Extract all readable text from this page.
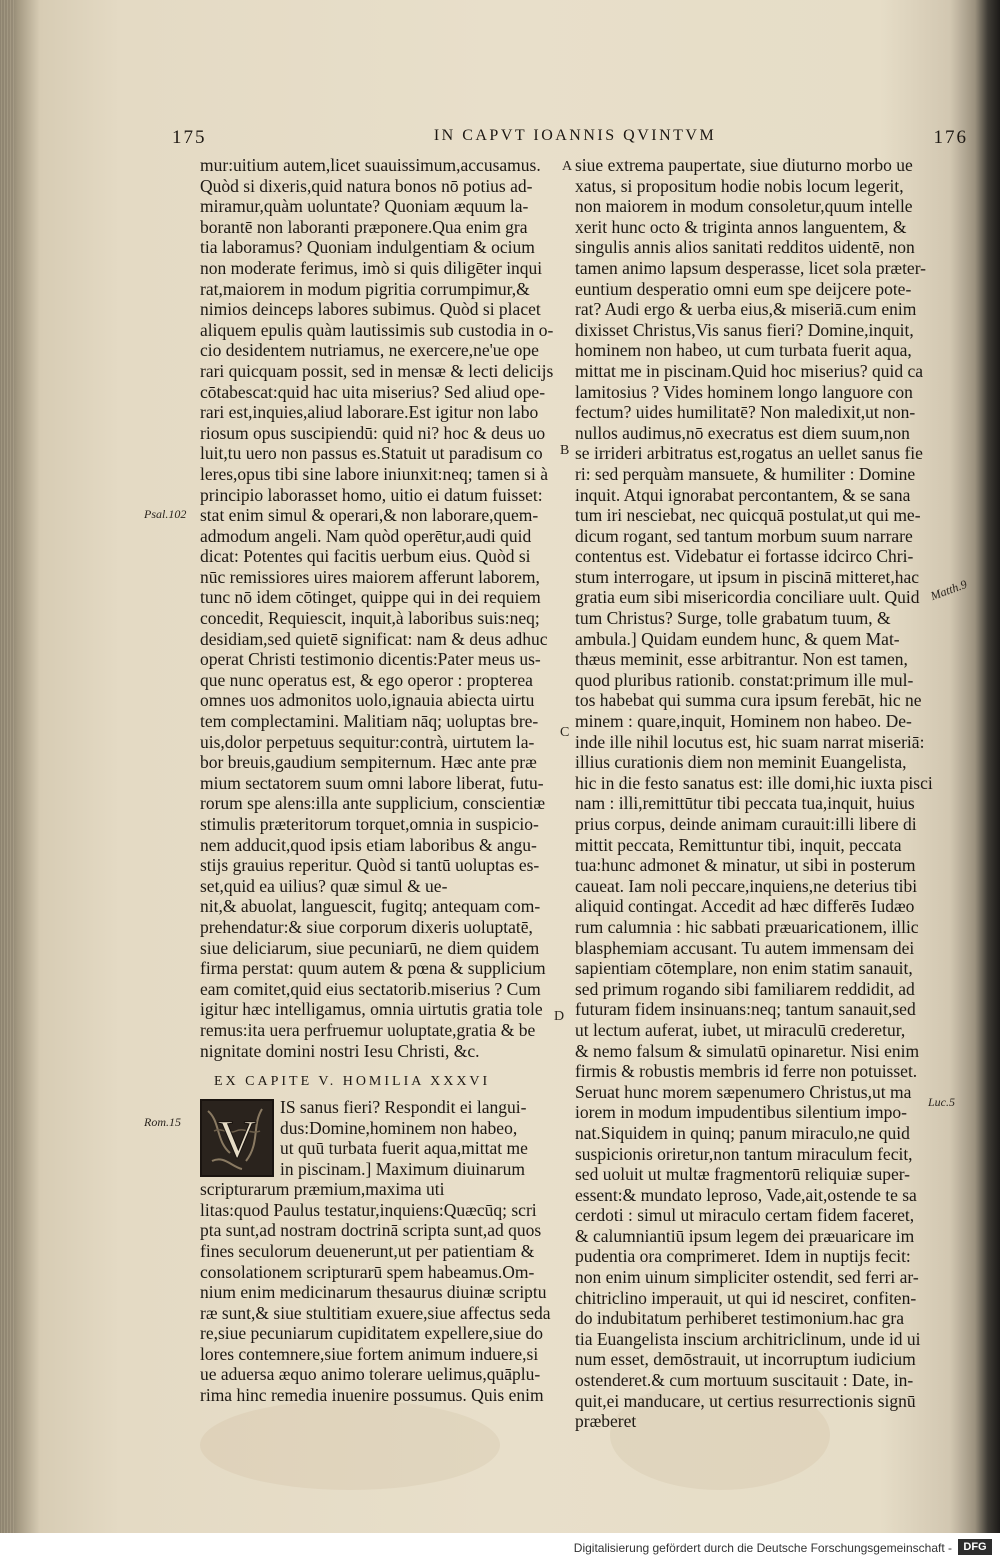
175	IN CAPVT IOANNIS QVINTVM	176
mur:uitium autem,licet suauissimum,accusamus.
Quòd si dixeris,quid natura bonos nō potius ad-
miramur,quàm uoluntate? Quoniam æquum la-
borantē non laboranti præponere.Qua enim gra
tia laboramus? Quoniam indulgentiam & ocium
non moderate ferimus, imò si quis diligēter inqui
rat,maiorem in modum pigritia corrumpimur,&
nimios deinceps labores subimus. Quòd si placet
aliquem epulis quàm lautissimis sub custodia in o-
cio desidentem nutriamus, ne exercere,ne'ue ope
rari quicquam possit, sed in mensæ & lecti delicijs
cōtabescat:quid hac uita miserius? Sed aliud ope-
rari est,inquies,aliud laborare.Est igitur non labo
riosum opus suscipiendū: quid ni? hoc & deus uo
luit,tu uero non passus es.Statuit ut paradisum co
leres,opus tibi sine labore iniunxit:neq; tamen si à
principio laborasset homo, uitio ei datum fuisset:
stat enim simul & operari,& non laborare,quem-
admodum angeli. Nam quòd operētur,audi quid
dicat: Potentes qui facitis uerbum eius. Quòd si
nūc remissiores uires maiorem afferunt laborem,
tunc nō idem cōtinget, quippe qui in dei requiem
concedit, Requiescit, inquit,à laboribus suis:neq;
desidiam,sed quietē significat: nam & deus adhuc
operat Christi testimonio dicentis:Pater meus us-
que nunc operatus est, & ego operor : propterea
omnes uos admonitos uolo,ignauia abiecta uirtu
tem complectamini. Malitiam nāq; uoluptas bre-
uis,dolor perpetuus sequitur:contrà, uirtutem la-
bor breuis,gaudium sempiternum. Hæc ante præ
mium sectatorem suum omni labore liberat, futu-
rorum spe alens:illa ante supplicium, conscientiæ
stimulis præteritorum torquet,omnia in suspicio-
nem adducit,quod ipsis etiam laboribus & angu-
stijs grauius reperitur. Quòd si tantū uoluptas es-
set,quid ea uilius? quæ simul & ue-
nit,& abuolat, languescit, fugitq; antequam com-
prehendatur:& siue corporum dixeris uoluptatē,
siue deliciarum, siue pecuniarū, ne diem quidem
firma perstat: quum autem & pœna & supplicium
eam comitet,quid eius sectatorib.miserius ? Cum
igitur hæc intelligamus, omnia uirtutis gratia tole
remus:ita uera perfruemur uoluptate,gratia & be
nignitate domini nostri Iesu Christi, &c.
EX CAPITE V. HOMILIA XXXVI
V
IS sanus fieri? Respondit ei langui-
dus:Domine,hominem non habeo,
ut quū turbata fuerit aqua,mittat me
in piscinam.] Maximum diuinarum
scripturarum præmium,maxima uti
litas:quod Paulus testatur,inquiens:Quæcūq; scri
pta sunt,ad nostram doctrinā scripta sunt,ad quos
fines seculorum deuenerunt,ut per patientiam &
consolationem scripturarū spem habeamus.Om-
nium enim medicinarum thesaurus diuinæ scriptu
ræ sunt,& siue stultitiam exuere,siue affectus seda
re,siue pecuniarum cupiditatem expellere,siue do
lores contemnere,siue fortem animum induere,si
ue aduersa æquo animo tolerare uelimus,quāplu-
rima hinc remedia inuenire possumus. Quis enim
siue extrema paupertate, siue diuturno morbo ue
xatus, si propositum hodie nobis locum legerit,
non maiorem in modum consoletur,quum intelle
xerit hunc octo & triginta annos languentem, &
singulis annis alios sanitati redditos uidentē, non
tamen animo lapsum desperasse, licet sola præter-
euntium desperatio omni eum spe deijcere pote-
rat? Audi ergo & uerba eius,& miseriā.cum enim
dixisset Christus,Vis sanus fieri? Domine,inquit,
hominem non habeo, ut cum turbata fuerit aqua,
mittat me in piscinam.Quid hoc miserius? quid ca
lamitosius ? Vides hominem longo languore con
fectum? uides humilitatē? Non maledixit,ut non-
nullos audimus,nō execratus est diem suum,non
se irrideri arbitratus est,rogatus an uellet sanus fie
ri: sed perquàm mansuete, & humiliter : Domine
inquit. Atqui ignorabat percontantem, & se sana
tum iri nesciebat, nec quicquā postulat,ut qui me-
dicum rogant, sed tantum morbum suum narrare
contentus est. Videbatur ei fortasse idcirco Chri-
stum interrogare, ut ipsum in piscinā mitteret,hac
gratia eum sibi misericordia conciliare uult. Quid
tum Christus? Surge, tolle grabatum tuum, &
ambula.] Quidam eundem hunc, & quem Mat-
thæus meminit, esse arbitrantur. Non est tamen,
quod pluribus rationib. constat:primum ille mul-
tos habebat qui summa cura ipsum ferebāt, hic ne
minem : quare,inquit, Hominem non habeo. De-
inde ille nihil locutus est, hic suam narrat miseriā:
illius curationis diem non meminit Euangelista,
hic in die festo sanatus est: ille domi,hic iuxta pisci
nam : illi,remittūtur tibi peccata tua,inquit, huius
prius corpus, deinde animam curauit:illi libere di
mittit peccata, Remittuntur tibi, inquit, peccata
tua:hunc admonet & minatur, ut sibi in posterum
caueat. Iam noli peccare,inquiens,ne deterius tibi
aliquid contingat. Accedit ad hæc differēs Iudæo
rum calumnia : hic sabbati præuaricationem, illic
blasphemiam accusant. Tu autem immensam dei
sapientiam cōtemplare, non enim statim sanauit,
sed primum rogando sibi familiarem reddidit, ad
futuram fidem insinuans:neq; tantum sanauit,sed
ut lectum auferat, iubet, ut miraculū crederetur,
& nemo falsum & simulatū opinaretur. Nisi enim
firmis & robustis membris id ferre non potuisset.
Seruat hunc morem sæpenumero Christus,ut ma
iorem in modum impudentibus silentium impo-
nat.Siquidem in quinq; panum miraculo,ne quid
suspicionis oriretur,non tantum miraculum fecit,
sed uoluit ut multæ fragmentorū reliquiæ super-
essent:& mundato leproso, Vade,ait,ostende te sa
cerdoti : simul ut miraculo certam fidem faceret,
& calumniantiū ipsum legem dei præuaricare im
pudentia ora comprimeret. Idem in nuptijs fecit:
non enim uinum simpliciter ostendit, sed ferri ar-
chitriclino imperauit, ut qui id nesciret, confiten-
do indubitatum perhiberet testimonium.hac gra
tia Euangelista inscium architriclinum, unde id ui
num esset, demōstrauit, ut incorruptum iudicium
ostenderet.& cum mortuum suscitauit : Date, in-
quit,ei manducare, ut certius resurrectionis signū
præberet
A
B
C
D
Psal.102
Rom.15
Matth.9
Luc.5
Digitalisierung gefördert durch die Deutsche Forschungsgemeinschaft -	DFG
